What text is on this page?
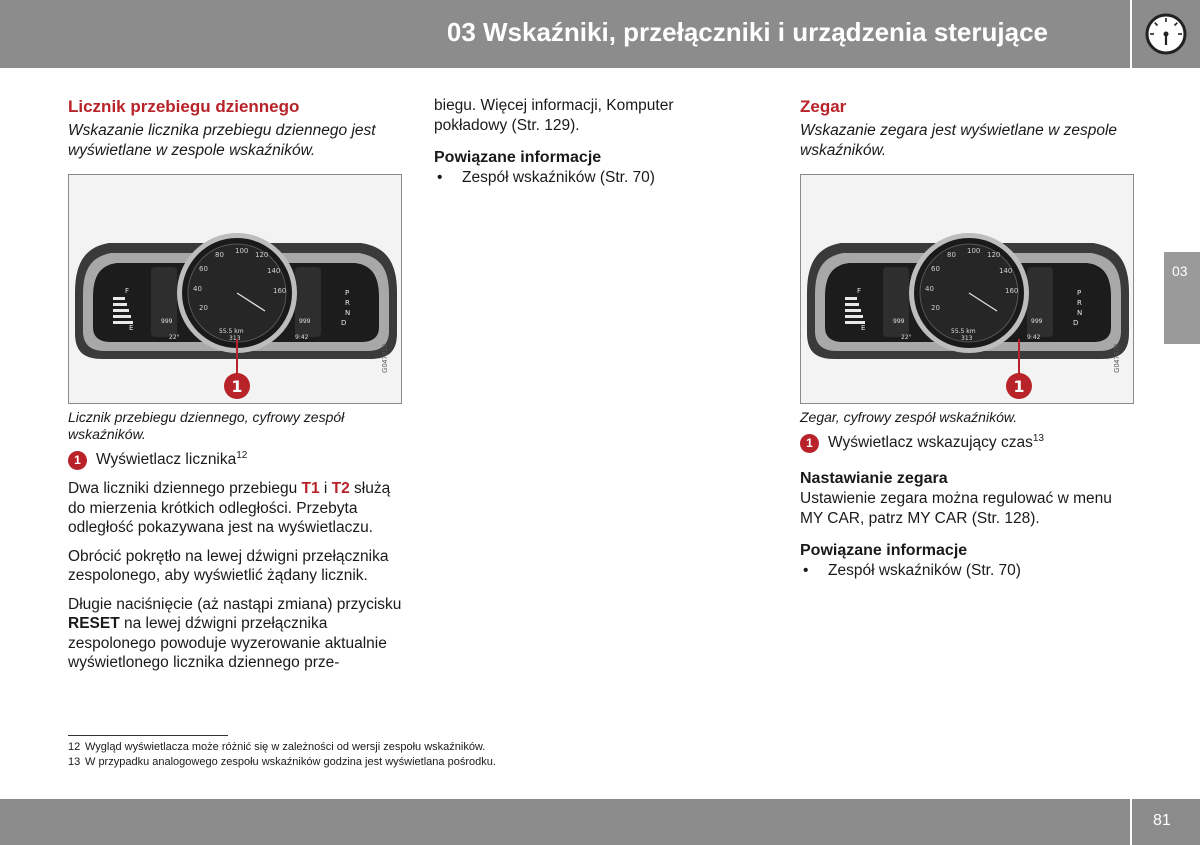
03 Wskaźniki, przełączniki i urządzenia sterujące
03
Licznik przebiegu dziennego

Wskazanie licznika przebiegu dziennego jest wyświetlane w zespole wskaźników.

F
E
P
R
N
D
20
40
60
80 100 120
140
160
55.5 km
313	9:42
22°
999	999
1
G047819

Licznik przebiegu dziennego, cyfrowy zespół wskaźników.

1 Wyświetlacz licznika$^{12}$

Dwa liczniki dziennego przebiegu T1 i T2 służą do mierzenia krótkich odległości. Przebyta odległość pokazywana jest na wyświetlaczu.

Obrócić pokrętło na lewej dźwigni przełącznika zespolonego, aby wyświetlić żądany licznik.

Długie naciśnięcie (aż nastąpi zmiana) przycisku RESET na lewej dźwigni przełącznika zespolonego powoduje wyzerowanie aktualnie wyświetlonego licznika dziennego prze-

biegu. Więcej informacji, Komputer pokładowy (Str. 129).

Powiązane informacje
•	Zespół wskaźników (Str. 70)
Zegar

Wskazanie zegara jest wyświetlane w zespole wskaźników.

F
E
P
R
N
D
20
40
60
80 100 120
140
160
55.5 km
313	9:42
22°
999	999
1
G047820

Zegar, cyfrowy zespół wskaźników.

1 Wyświetlacz wskazujący czas$^{13}$
Nastawianie zegara

Ustawienie zegara można regulować w menu MY CAR, patrz MY CAR (Str. 128).

Powiązane informacje
•	Zespół wskaźników (Str. 70)
12 Wygląd wyświetlacza może różnić się w zależności od wersji zespołu wskaźników.
13 W przypadku analogowego zespołu wskaźników godzina jest wyświetlana pośrodku.
81
